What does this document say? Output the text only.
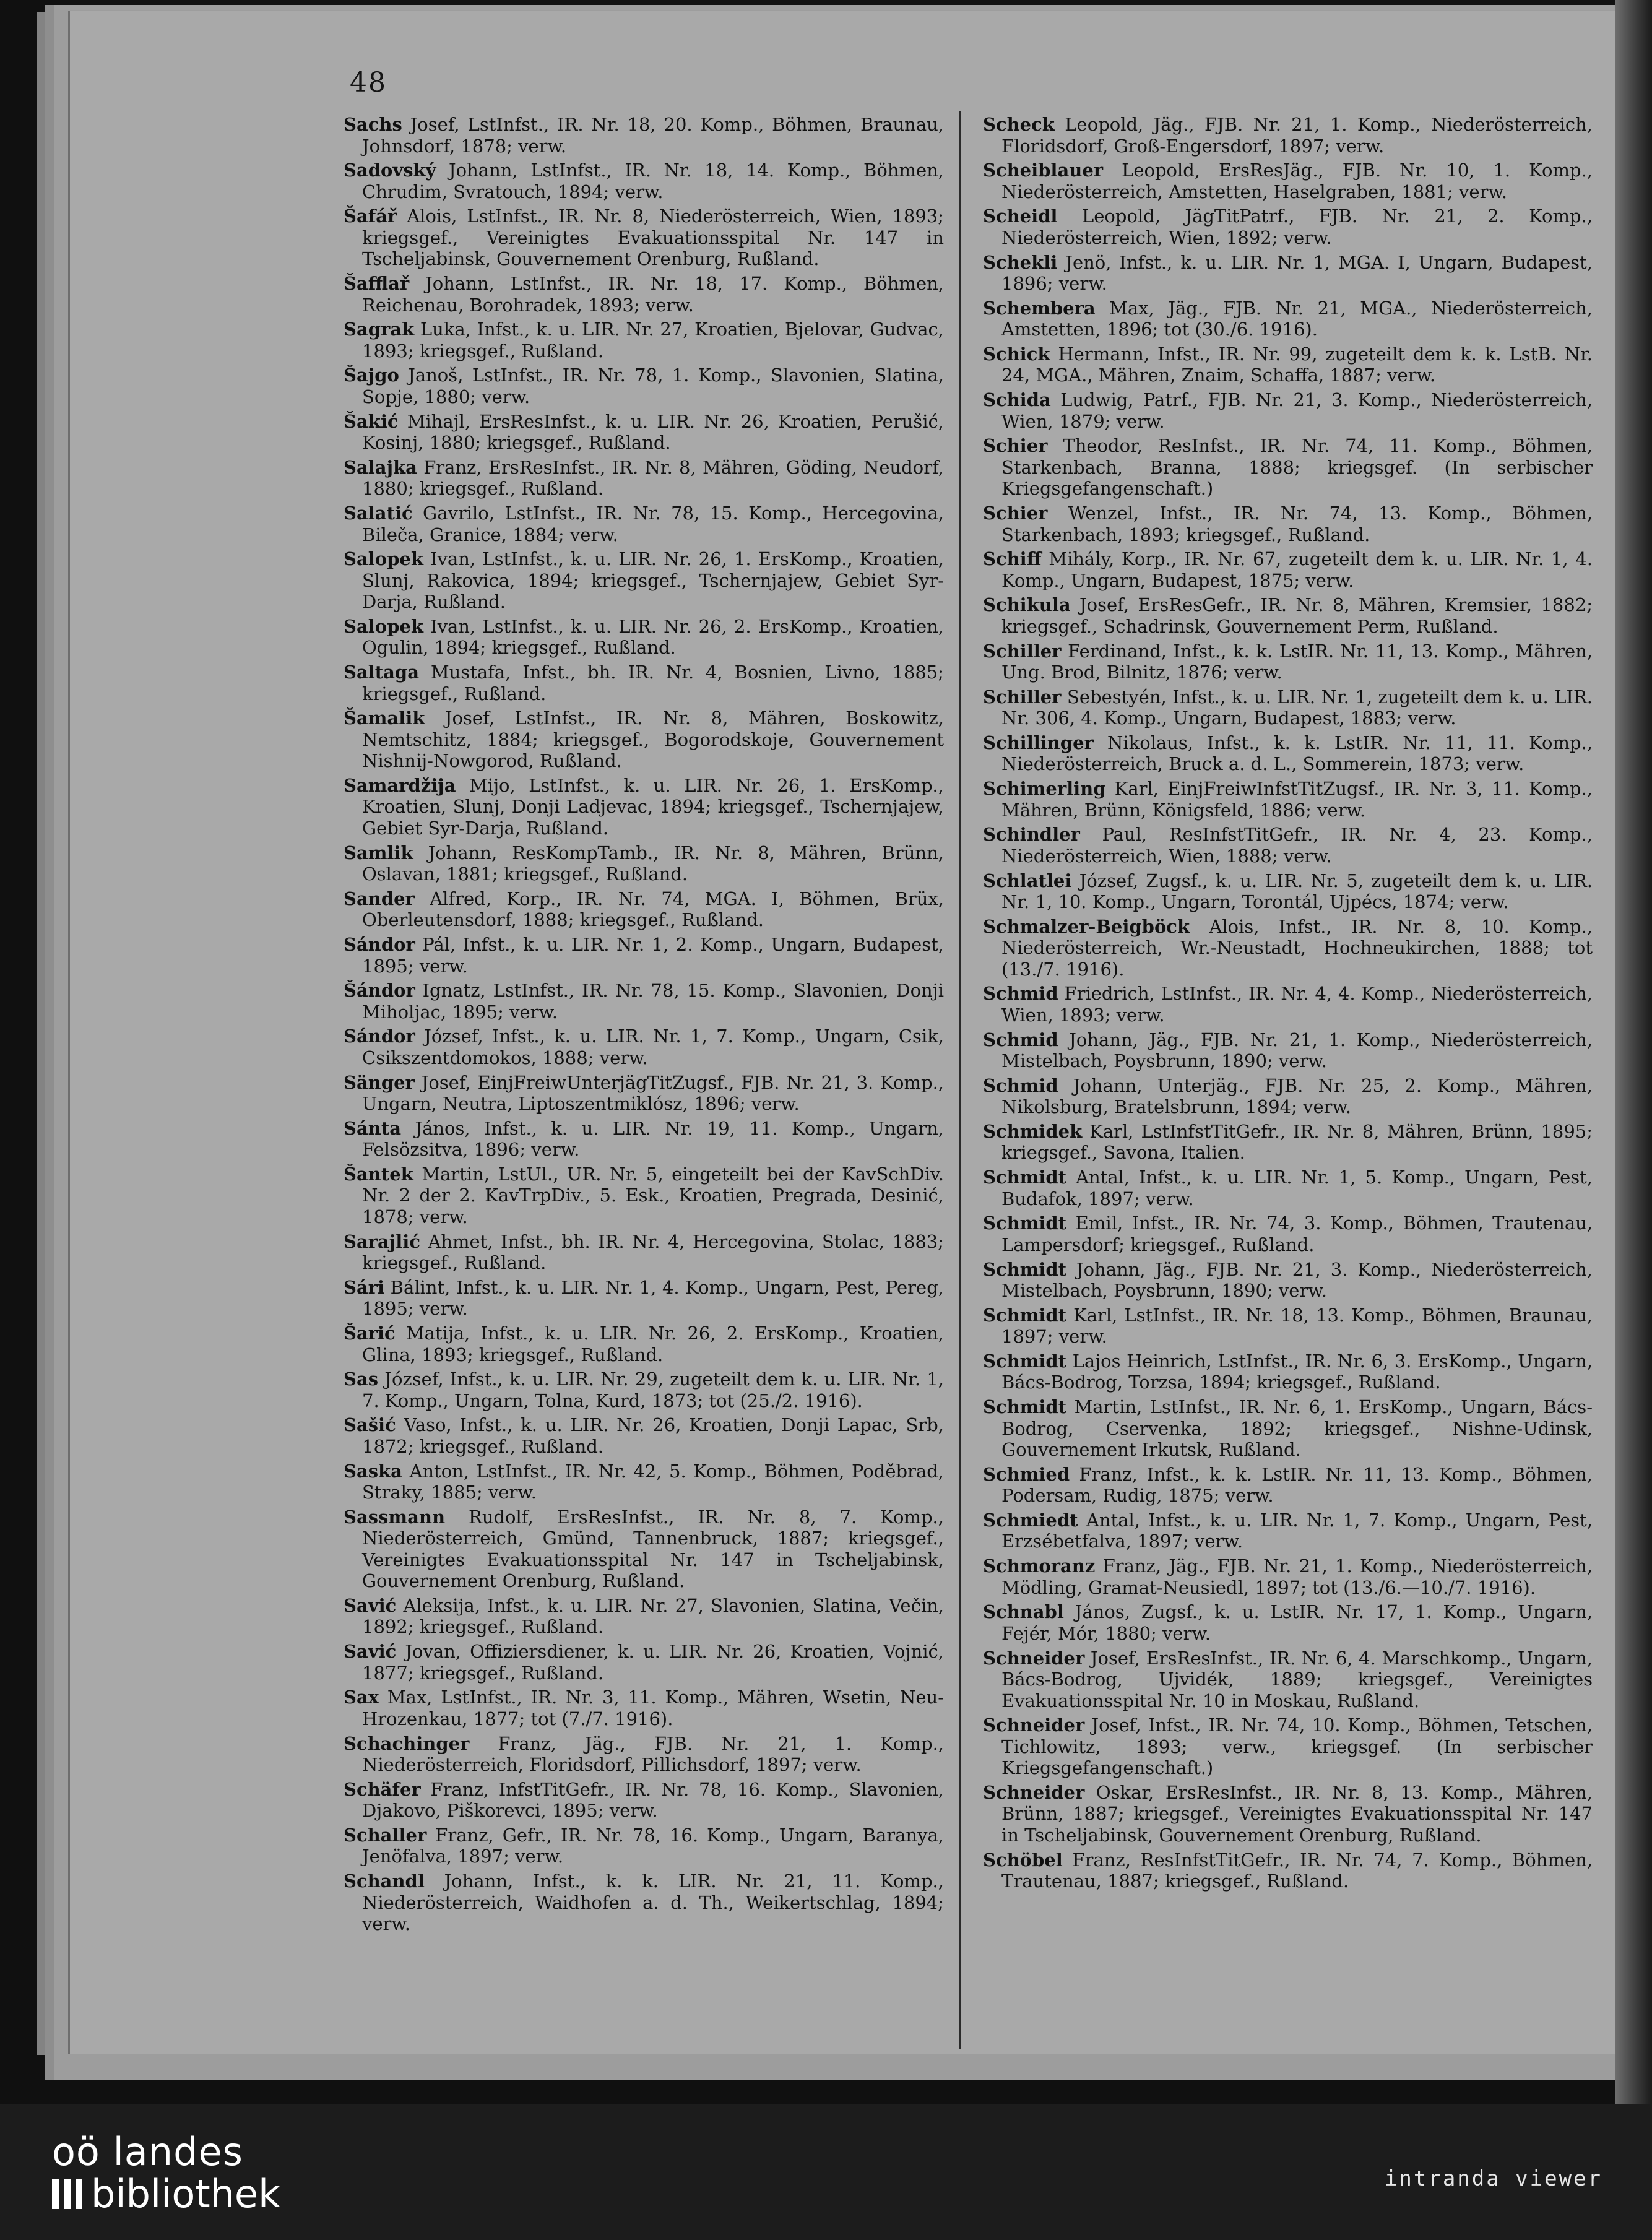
48

Sachs Josef, LstInfst., IR. Nr. 18, 20. Komp., Böhmen, Braunau, Johnsdorf, 1878; verw.

Sadovský Johann, LstInfst., IR. Nr. 18, 14. Komp., Böhmen, Chrudim, Svratouch, 1894; verw.

Šafář Alois, LstInfst., IR. Nr. 8, Niederösterreich, Wien, 1893; kriegsgef., Vereinigtes Evakuationsspital Nr. 147 in Tscheljabinsk, Gouvernement Orenburg, Rußland.

Šafflař Johann, LstInfst., IR. Nr. 18, 17. Komp., Böhmen, Reichenau, Borohradek, 1893; verw.

Sagrak Luka, Infst., k. u. LIR. Nr. 27, Kroatien, Bjelovar, Gudvac, 1893; kriegsgef., Rußland.

Šajgo Janoš, LstInfst., IR. Nr. 78, 1. Komp., Slavonien, Slatina, Sopje, 1880; verw.

Šakić Mihajl, ErsResInfst., k. u. LIR. Nr. 26, Kroatien, Perušić, Kosinj, 1880; kriegsgef., Rußland.

Salajka Franz, ErsResInfst., IR. Nr. 8, Mähren, Göding, Neudorf, 1880; kriegsgef., Rußland.

Salatić Gavrilo, LstInfst., IR. Nr. 78, 15. Komp., Hercegovina, Bileča, Granice, 1884; verw.

Salopek Ivan, LstInfst., k. u. LIR. Nr. 26, 1. ErsKomp., Kroatien, Slunj, Rakovica, 1894; kriegsgef., Tschernjajew, Gebiet Syr-Darja, Rußland.

Salopek Ivan, LstInfst., k. u. LIR. Nr. 26, 2. ErsKomp., Kroatien, Ogulin, 1894; kriegsgef., Rußland.

Saltaga Mustafa, Infst., bh. IR. Nr. 4, Bosnien, Livno, 1885; kriegsgef., Rußland.

Šamalik Josef, LstInfst., IR. Nr. 8, Mähren, Boskowitz, Nemtschitz, 1884; kriegsgef., Bogorodskoje, Gouvernement Nishnij-Nowgorod, Rußland.

Samardžija Mijo, LstInfst., k. u. LIR. Nr. 26, 1. ErsKomp., Kroatien, Slunj, Donji Ladjevac, 1894; kriegsgef., Tschernjajew, Gebiet Syr-Darja, Rußland.

Samlik Johann, ResKompTamb., IR. Nr. 8, Mähren, Brünn, Oslavan, 1881; kriegsgef., Rußland.

Sander Alfred, Korp., IR. Nr. 74, MGA. I, Böhmen, Brüx, Oberleutensdorf, 1888; kriegsgef., Rußland.

Sándor Pál, Infst., k. u. LIR. Nr. 1, 2. Komp., Ungarn, Budapest, 1895; verw.

Šándor Ignatz, LstInfst., IR. Nr. 78, 15. Komp., Slavonien, Donji Miholjac, 1895; verw.

Sándor József, Infst., k. u. LIR. Nr. 1, 7. Komp., Ungarn, Csik, Csikszentdomokos, 1888; verw.

Sänger Josef, EinjFreiwUnterjägTitZugsf., FJB. Nr. 21, 3. Komp., Ungarn, Neutra, Liptoszentmiklósz, 1896; verw.

Sánta János, Infst., k. u. LIR. Nr. 19, 11. Komp., Ungarn, Felsözsitva, 1896; verw.

Šantek Martin, LstUl., UR. Nr. 5, eingeteilt bei der KavSchDiv. Nr. 2 der 2. KavTrpDiv., 5. Esk., Kroatien, Pregrada, Desinić, 1878; verw.

Sarajlić Ahmet, Infst., bh. IR. Nr. 4, Hercegovina, Stolac, 1883; kriegsgef., Rußland.

Sári Bálint, Infst., k. u. LIR. Nr. 1, 4. Komp., Ungarn, Pest, Pereg, 1895; verw.

Šarić Matija, Infst., k. u. LIR. Nr. 26, 2. ErsKomp., Kroatien, Glina, 1893; kriegsgef., Rußland.

Sas József, Infst., k. u. LIR. Nr. 29, zugeteilt dem k. u. LIR. Nr. 1, 7. Komp., Ungarn, Tolna, Kurd, 1873; tot (25./2. 1916).

Sašić Vaso, Infst., k. u. LIR. Nr. 26, Kroatien, Donji Lapac, Srb, 1872; kriegsgef., Rußland.

Saska Anton, LstInfst., IR. Nr. 42, 5. Komp., Böhmen, Poděbrad, Straky, 1885; verw.

Sassmann Rudolf, ErsResInfst., IR. Nr. 8, 7. Komp., Niederösterreich, Gmünd, Tannenbruck, 1887; kriegsgef., Vereinigtes Evakuationsspital Nr. 147 in Tscheljabinsk, Gouvernement Orenburg, Rußland.

Savić Aleksija, Infst., k. u. LIR. Nr. 27, Slavonien, Slatina, Večin, 1892; kriegsgef., Rußland.

Savić Jovan, Offiziersdiener, k. u. LIR. Nr. 26, Kroatien, Vojnić, 1877; kriegsgef., Rußland.

Sax Max, LstInfst., IR. Nr. 3, 11. Komp., Mähren, Wsetin, Neu-Hrozenkau, 1877; tot (7./7. 1916).

Schachinger Franz, Jäg., FJB. Nr. 21, 1. Komp., Niederösterreich, Floridsdorf, Pillichsdorf, 1897; verw.

Schäfer Franz, InfstTitGefr., IR. Nr. 78, 16. Komp., Slavonien, Djakovo, Piškorevci, 1895; verw.

Schaller Franz, Gefr., IR. Nr. 78, 16. Komp., Ungarn, Baranya, Jenöfalva, 1897; verw.

Schandl Johann, Infst., k. k. LIR. Nr. 21, 11. Komp., Niederösterreich, Waidhofen a. d. Th., Weikertschlag, 1894; verw.

Scheck Leopold, Jäg., FJB. Nr. 21, 1. Komp., Niederösterreich, Floridsdorf, Groß-Engersdorf, 1897; verw.

Scheiblauer Leopold, ErsResJäg., FJB. Nr. 10, 1. Komp., Niederösterreich, Amstetten, Haselgraben, 1881; verw.

Scheidl Leopold, JägTitPatrf., FJB. Nr. 21, 2. Komp., Niederösterreich, Wien, 1892; verw.

Schekli Jenö, Infst., k. u. LIR. Nr. 1, MGA. I, Ungarn, Budapest, 1896; verw.

Schembera Max, Jäg., FJB. Nr. 21, MGA., Niederösterreich, Amstetten, 1896; tot (30./6. 1916).

Schick Hermann, Infst., IR. Nr. 99, zugeteilt dem k. k. LstB. Nr. 24, MGA., Mähren, Znaim, Schaffa, 1887; verw.

Schida Ludwig, Patrf., FJB. Nr. 21, 3. Komp., Niederösterreich, Wien, 1879; verw.

Schier Theodor, ResInfst., IR. Nr. 74, 11. Komp., Böhmen, Starkenbach, Branna, 1888; kriegsgef. (In serbischer Kriegsgefangenschaft.)

Schier Wenzel, Infst., IR. Nr. 74, 13. Komp., Böhmen, Starkenbach, 1893; kriegsgef., Rußland.

Schiff Mihály, Korp., IR. Nr. 67, zugeteilt dem k. u. LIR. Nr. 1, 4. Komp., Ungarn, Budapest, 1875; verw.

Schikula Josef, ErsResGefr., IR. Nr. 8, Mähren, Kremsier, 1882; kriegsgef., Schadrinsk, Gouvernement Perm, Rußland.

Schiller Ferdinand, Infst., k. k. LstIR. Nr. 11, 13. Komp., Mähren, Ung. Brod, Bilnitz, 1876; verw.

Schiller Sebestyén, Infst., k. u. LIR. Nr. 1, zugeteilt dem k. u. LIR. Nr. 306, 4. Komp., Ungarn, Budapest, 1883; verw.

Schillinger Nikolaus, Infst., k. k. LstIR. Nr. 11, 11. Komp., Niederösterreich, Bruck a. d. L., Sommerein, 1873; verw.

Schimerling Karl, EinjFreiwInfstTitZugsf., IR. Nr. 3, 11. Komp., Mähren, Brünn, Königsfeld, 1886; verw.

Schindler Paul, ResInfstTitGefr., IR. Nr. 4, 23. Komp., Niederösterreich, Wien, 1888; verw.

Schlatlei József, Zugsf., k. u. LIR. Nr. 5, zugeteilt dem k. u. LIR. Nr. 1, 10. Komp., Ungarn, Torontál, Ujpécs, 1874; verw.

Schmalzer-Beigböck Alois, Infst., IR. Nr. 8, 10. Komp., Niederösterreich, Wr.-Neustadt, Hochneukirchen, 1888; tot (13./7. 1916).

Schmid Friedrich, LstInfst., IR. Nr. 4, 4. Komp., Niederösterreich, Wien, 1893; verw.

Schmid Johann, Jäg., FJB. Nr. 21, 1. Komp., Niederösterreich, Mistelbach, Poysbrunn, 1890; verw.

Schmid Johann, Unterjäg., FJB. Nr. 25, 2. Komp., Mähren, Nikolsburg, Bratelsbrunn, 1894; verw.

Schmidek Karl, LstInfstTitGefr., IR. Nr. 8, Mähren, Brünn, 1895; kriegsgef., Savona, Italien.

Schmidt Antal, Infst., k. u. LIR. Nr. 1, 5. Komp., Ungarn, Pest, Budafok, 1897; verw.

Schmidt Emil, Infst., IR. Nr. 74, 3. Komp., Böhmen, Trautenau, Lampersdorf; kriegsgef., Rußland.

Schmidt Johann, Jäg., FJB. Nr. 21, 3. Komp., Niederösterreich, Mistelbach, Poysbrunn, 1890; verw.

Schmidt Karl, LstInfst., IR. Nr. 18, 13. Komp., Böhmen, Braunau, 1897; verw.

Schmidt Lajos Heinrich, LstInfst., IR. Nr. 6, 3. ErsKomp., Ungarn, Bács-Bodrog, Torzsa, 1894; kriegsgef., Rußland.

Schmidt Martin, LstInfst., IR. Nr. 6, 1. ErsKomp., Ungarn, Bács-Bodrog, Cservenka, 1892; kriegsgef., Nishne-Udinsk, Gouvernement Irkutsk, Rußland.

Schmied Franz, Infst., k. k. LstIR. Nr. 11, 13. Komp., Böhmen, Podersam, Rudig, 1875; verw.

Schmiedt Antal, Infst., k. u. LIR. Nr. 1, 7. Komp., Ungarn, Pest, Erzsébetfalva, 1897; verw.

Schmoranz Franz, Jäg., FJB. Nr. 21, 1. Komp., Niederösterreich, Mödling, Gramat-Neusiedl, 1897; tot (13./6.—10./7. 1916).

Schnabl János, Zugsf., k. u. LstIR. Nr. 17, 1. Komp., Ungarn, Fejér, Mór, 1880; verw.

Schneider Josef, ErsResInfst., IR. Nr. 6, 4. Marschkomp., Ungarn, Bács-Bodrog, Ujvidék, 1889; kriegsgef., Vereinigtes Evakuationsspital Nr. 10 in Moskau, Rußland.

Schneider Josef, Infst., IR. Nr. 74, 10. Komp., Böhmen, Tetschen, Tichlowitz, 1893; verw., kriegsgef. (In serbischer Kriegsgefangenschaft.)

Schneider Oskar, ErsResInfst., IR. Nr. 8, 13. Komp., Mähren, Brünn, 1887; kriegsgef., Vereinigtes Evakuationsspital Nr. 147 in Tscheljabinsk, Gouvernement Orenburg, Rußland.

Schöbel Franz, ResInfstTitGefr., IR. Nr. 74, 7. Komp., Böhmen, Trautenau, 1887; kriegsgef., Rußland.

oö landes
bibliothek	intranda viewer
